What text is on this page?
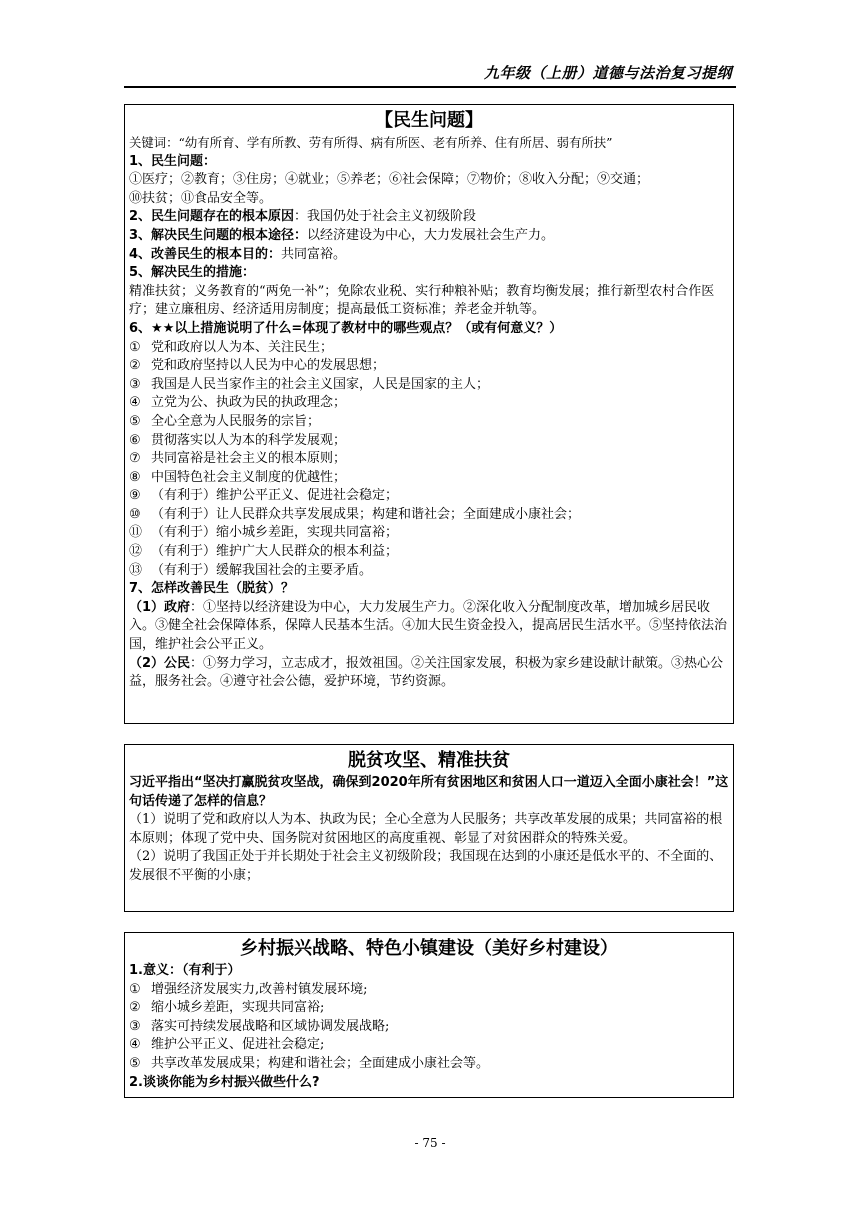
九年级（上册）道德与法治复习提纲
【民生问题】
关键词：“幼有所育、学有所教、劳有所得、病有所医、老有所养、住有所居、弱有所扶”
1、民生问题：
①医疗；②教育；③住房；④就业；⑤养老；⑥社会保障；⑦物价；⑧收入分配；⑨交通；
⑩扶贫；⑪食品安全等。
2、民生问题存在的根本原因：我国仍处于社会主义初级阶段
3、解决民生问题的根本途径：以经济建设为中心，大力发展社会生产力。
4、改善民生的根本目的：共同富裕。
5、解决民生的措施：
精准扶贫；义务教育的“两免一补”；免除农业税、实行种粮补贴；教育均衡发展；推行新型农村合作医疗；建立廉租房、经济适用房制度；提高最低工资标准；养老金并轨等。
6、★★以上措施说明了什么=体现了教材中的哪些观点？（或有何意义？）
① 党和政府以人为本、关注民生；
② 党和政府坚持以人民为中心的发展思想；
③ 我国是人民当家作主的社会主义国家，人民是国家的主人；
④ 立党为公、执政为民的执政理念；
⑤ 全心全意为人民服务的宗旨；
⑥ 贯彻落实以人为本的科学发展观；
⑦ 共同富裕是社会主义的根本原则；
⑧ 中国特色社会主义制度的优越性；
⑨ （有利于）维护公平正义、促进社会稳定；
⑩ （有利于）让人民群众共享发展成果；构建和谐社会；全面建成小康社会；
⑪ （有利于）缩小城乡差距，实现共同富裕；
⑫ （有利于）维护广大人民群众的根本利益；
⑬ （有利于）缓解我国社会的主要矛盾。
7、怎样改善民生（脱贫）？
（1）政府：①坚持以经济建设为中心，大力发展生产力。②深化收入分配制度改革，增加城乡居民收入。③健全社会保障体系，保障人民基本生活。④加大民生资金投入，提高居民生活水平。⑤坚持依法治国，维护社会公平正义。
（2）公民：①努力学习，立志成才，报效祖国。②关注国家发展，积极为家乡建设献计献策。③热心公益，服务社会。④遵守社会公德，爱护环境，节约资源。
脱贫攻坚、精准扶贫
习近平指出“坚决打赢脱贫攻坚战，确保到2020年所有贫困地区和贫困人口一道迈入全面小康社会！”这句话传递了怎样的信息？
（1）说明了党和政府以人为本、执政为民；全心全意为人民服务；共享改革发展的成果；共同富裕的根本原则；体现了党中央、国务院对贫困地区的高度重视、彰显了对贫困群众的特殊关爱。
（2）说明了我国正处于并长期处于社会主义初级阶段；我国现在达到的小康还是低水平的、不全面的、发展很不平衡的小康；
乡村振兴战略、特色小镇建设（美好乡村建设）
1.意义：（有利于）
① 增强经济发展实力,改善村镇发展环境;
② 缩小城乡差距，实现共同富裕;
③ 落实可持续发展战略和区域协调发展战略;
④ 维护公平正义、促进社会稳定;
⑤ 共享改革发展成果；构建和谐社会；全面建成小康社会等。
2.谈谈你能为乡村振兴做些什么?
- 75 -
